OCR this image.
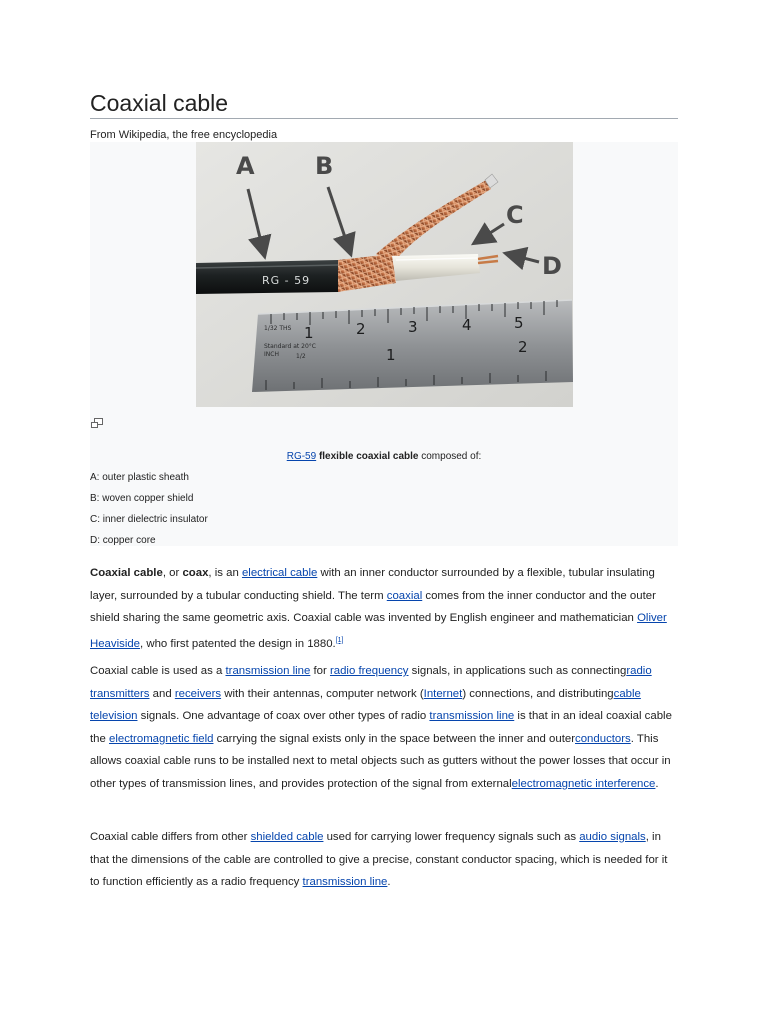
Coaxial cable
From Wikipedia, the free encyclopedia
1	2	3	4	5
1	2
1/32 THS
Standard at 20°C
INCH	1/2
RG - 59
A	B
C
D
RG-59 flexible coaxial cable composed of:
A: outer plastic sheath
B: woven copper shield
C: inner dielectric insulator
D: copper core

Coaxial cable, or coax, is an electrical cable with an inner conductor surrounded by a flexible, tubular insulating layer, surrounded by a tubular conducting shield. The term coaxial comes from the inner conductor and the outer shield sharing the same geometric axis. Coaxial cable was invented by English engineer and mathematician Oliver Heaviside, who first patented the design in 1880.[1]

Coaxial cable is used as a transmission line for radio frequency signals, in applications such as connectingradio transmitters and receivers with their antennas, computer network (Internet) connections, and distributingcable television signals. One advantage of coax over other types of radio transmission line is that in an ideal coaxial cable the electromagnetic field carrying the signal exists only in the space between the inner and outerconductors. This allows coaxial cable runs to be installed next to metal objects such as gutters without the power losses that occur in other types of transmission lines, and provides protection of the signal from externalelectromagnetic interference.

Coaxial cable differs from other shielded cable used for carrying lower frequency signals such as audio signals, in that the dimensions of the cable are controlled to give a precise, constant conductor spacing, which is needed for it to function efficiently as a radio frequency transmission line.
